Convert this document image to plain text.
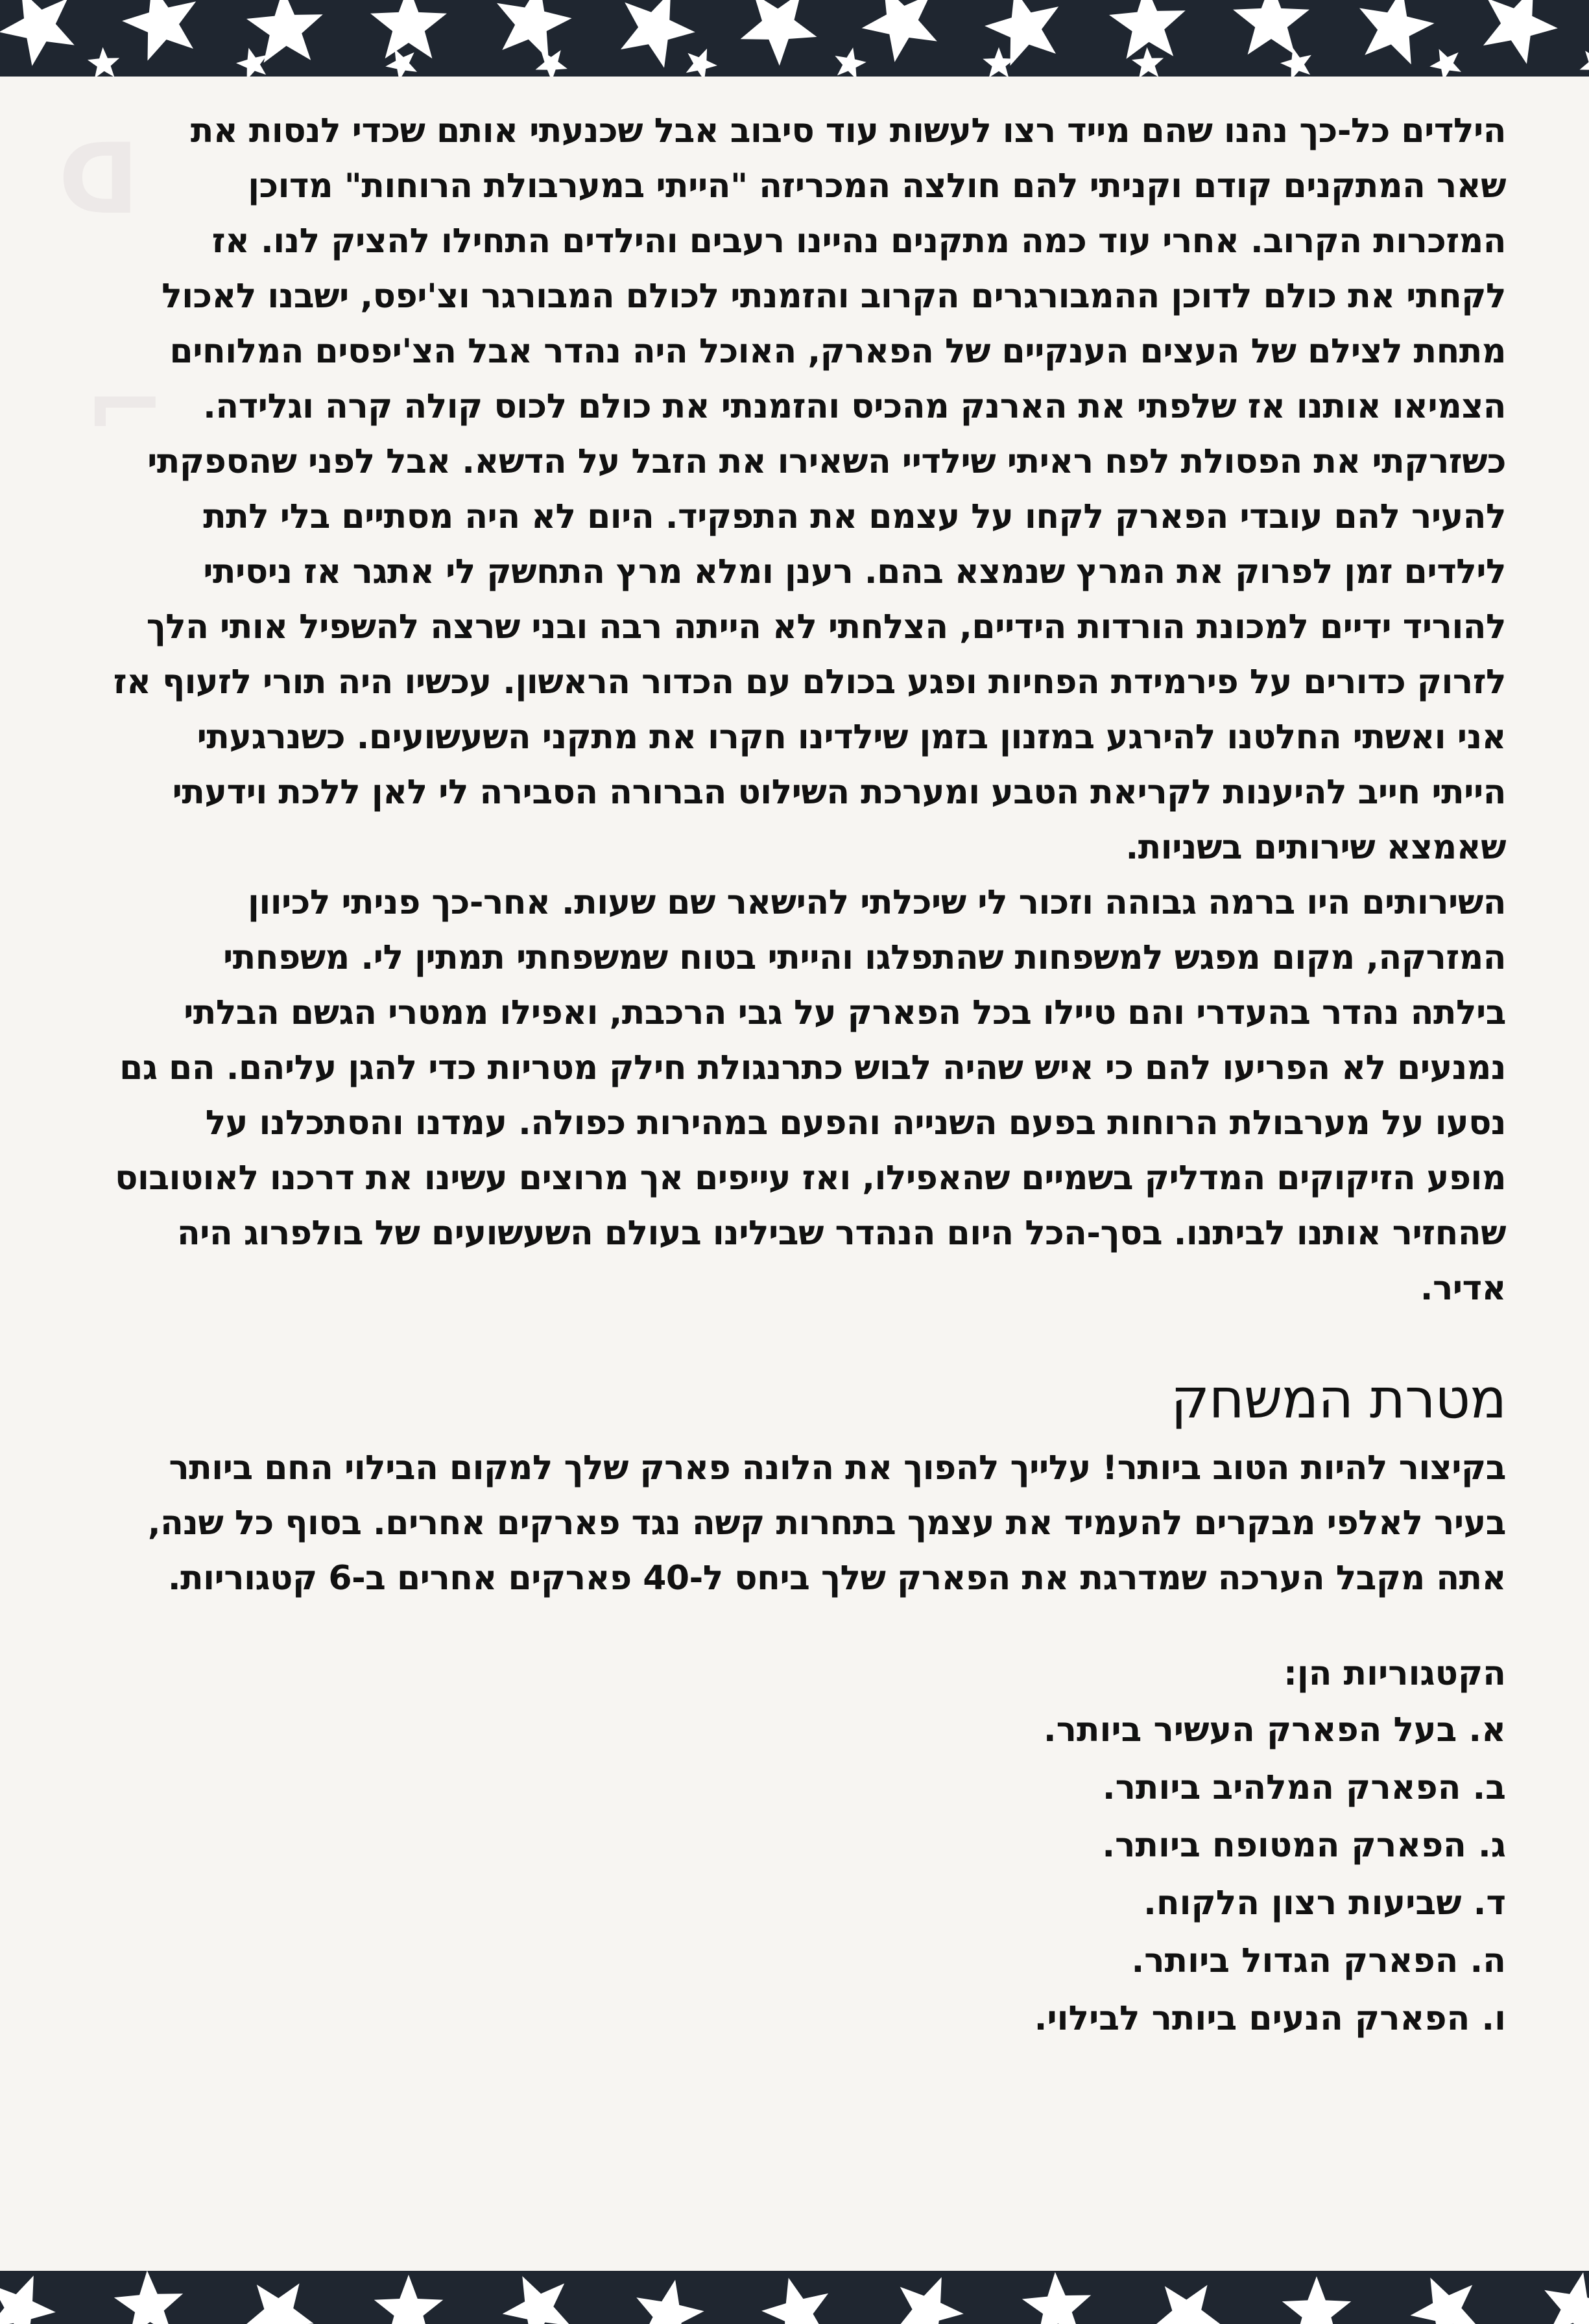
ᗡ
⌐

הילדים כל-כך נהנו שהם מייד רצו לעשות עוד סיבוב אבל שכנעתי אותם שכדי לנסות את
שאר המתקנים קודם וקניתי להם חולצה המכריזה "הייתי במערבולת הרוחות" מדוכן
המזכרות הקרוב. אחרי עוד כמה מתקנים נהיינו רעבים והילדים התחילו להציק לנו. אז
לקחתי את כולם לדוכן ההמבורגרים הקרוב והזמנתי לכולם המבורגר וצ'יפס, ישבנו לאכול
מתחת לצילם של העצים הענקיים של הפארק, האוכל היה נהדר אבל הצ'יפסים המלוחים
הצמיאו אותנו אז שלפתי את הארנק מהכיס והזמנתי את כולם לכוס קולה קרה וגלידה.
כשזרקתי את הפסולת לפח ראיתי שילדיי השאירו את הזבל על הדשא. אבל לפני שהספקתי
להעיר להם עובדי הפארק לקחו על עצמם את התפקיד. היום לא היה מסתיים בלי לתת
לילדים זמן לפרוק את המרץ שנמצא בהם. רענן ומלא מרץ התחשק לי אתגר אז ניסיתי
להוריד ידיים למכונת הורדות הידיים, הצלחתי לא הייתה רבה ובני שרצה להשפיל אותי הלך
לזרוק כדורים על פירמידת הפחיות ופגע בכולם עם הכדור הראשון. עכשיו היה תורי לזעוף אז
אני ואשתי החלטנו להירגע במזנון בזמן שילדינו חקרו את מתקני השעשועים. כשנרגעתי
הייתי חייב להיענות לקריאת הטבע ומערכת השילוט הברורה הסבירה לי לאן ללכת וידעתי
שאמצא שירותים בשניות.

השירותים היו ברמה גבוהה וזכור לי שיכלתי להישאר שם שעות. אחר-כך פניתי לכיוון
המזרקה, מקום מפגש למשפחות שהתפלגו והייתי בטוח שמשפחתי תמתין לי. משפחתי
בילתה נהדר בהעדרי והם טיילו בכל הפארק על גבי הרכבת, ואפילו ממטרי הגשם הבלתי
נמנעים לא הפריעו להם כי איש שהיה לבוש כתרנגולת חילק מטריות כדי להגן עליהם. הם גם
נסעו על מערבולת הרוחות בפעם השנייה והפעם במהירות כפולה. עמדנו והסתכלנו על
מופע הזיקוקים המדליק בשמיים שהאפילו, ואז עייפים אך מרוצים עשינו את דרכנו לאוטובוס
שהחזיר אותנו לביתנו. בסך-הכל היום הנהדר שבילינו בעולם השעשועים של בולפרוג היה
אדיר.

מטרת המשחק

בקיצור להיות הטוב ביותר! עלייך להפוך את הלונה פארק שלך למקום הבילוי החם ביותר
בעיר לאלפי מבקרים להעמיד את עצמך בתחרות קשה נגד פארקים אחרים. בסוף כל שנה,
אתה מקבל הערכה שמדרגת את הפארק שלך ביחס ל-40 פארקים אחרים ב-6 קטגוריות.

הקטגוריות הן:
א. בעל הפארק העשיר ביותר.
ב. הפארק המלהיב ביותר.
ג. הפארק המטופח ביותר.
ד. שביעות רצון הלקוח.
ה. הפארק הגדול ביותר.
ו. הפארק הנעים ביותר לבילוי.
